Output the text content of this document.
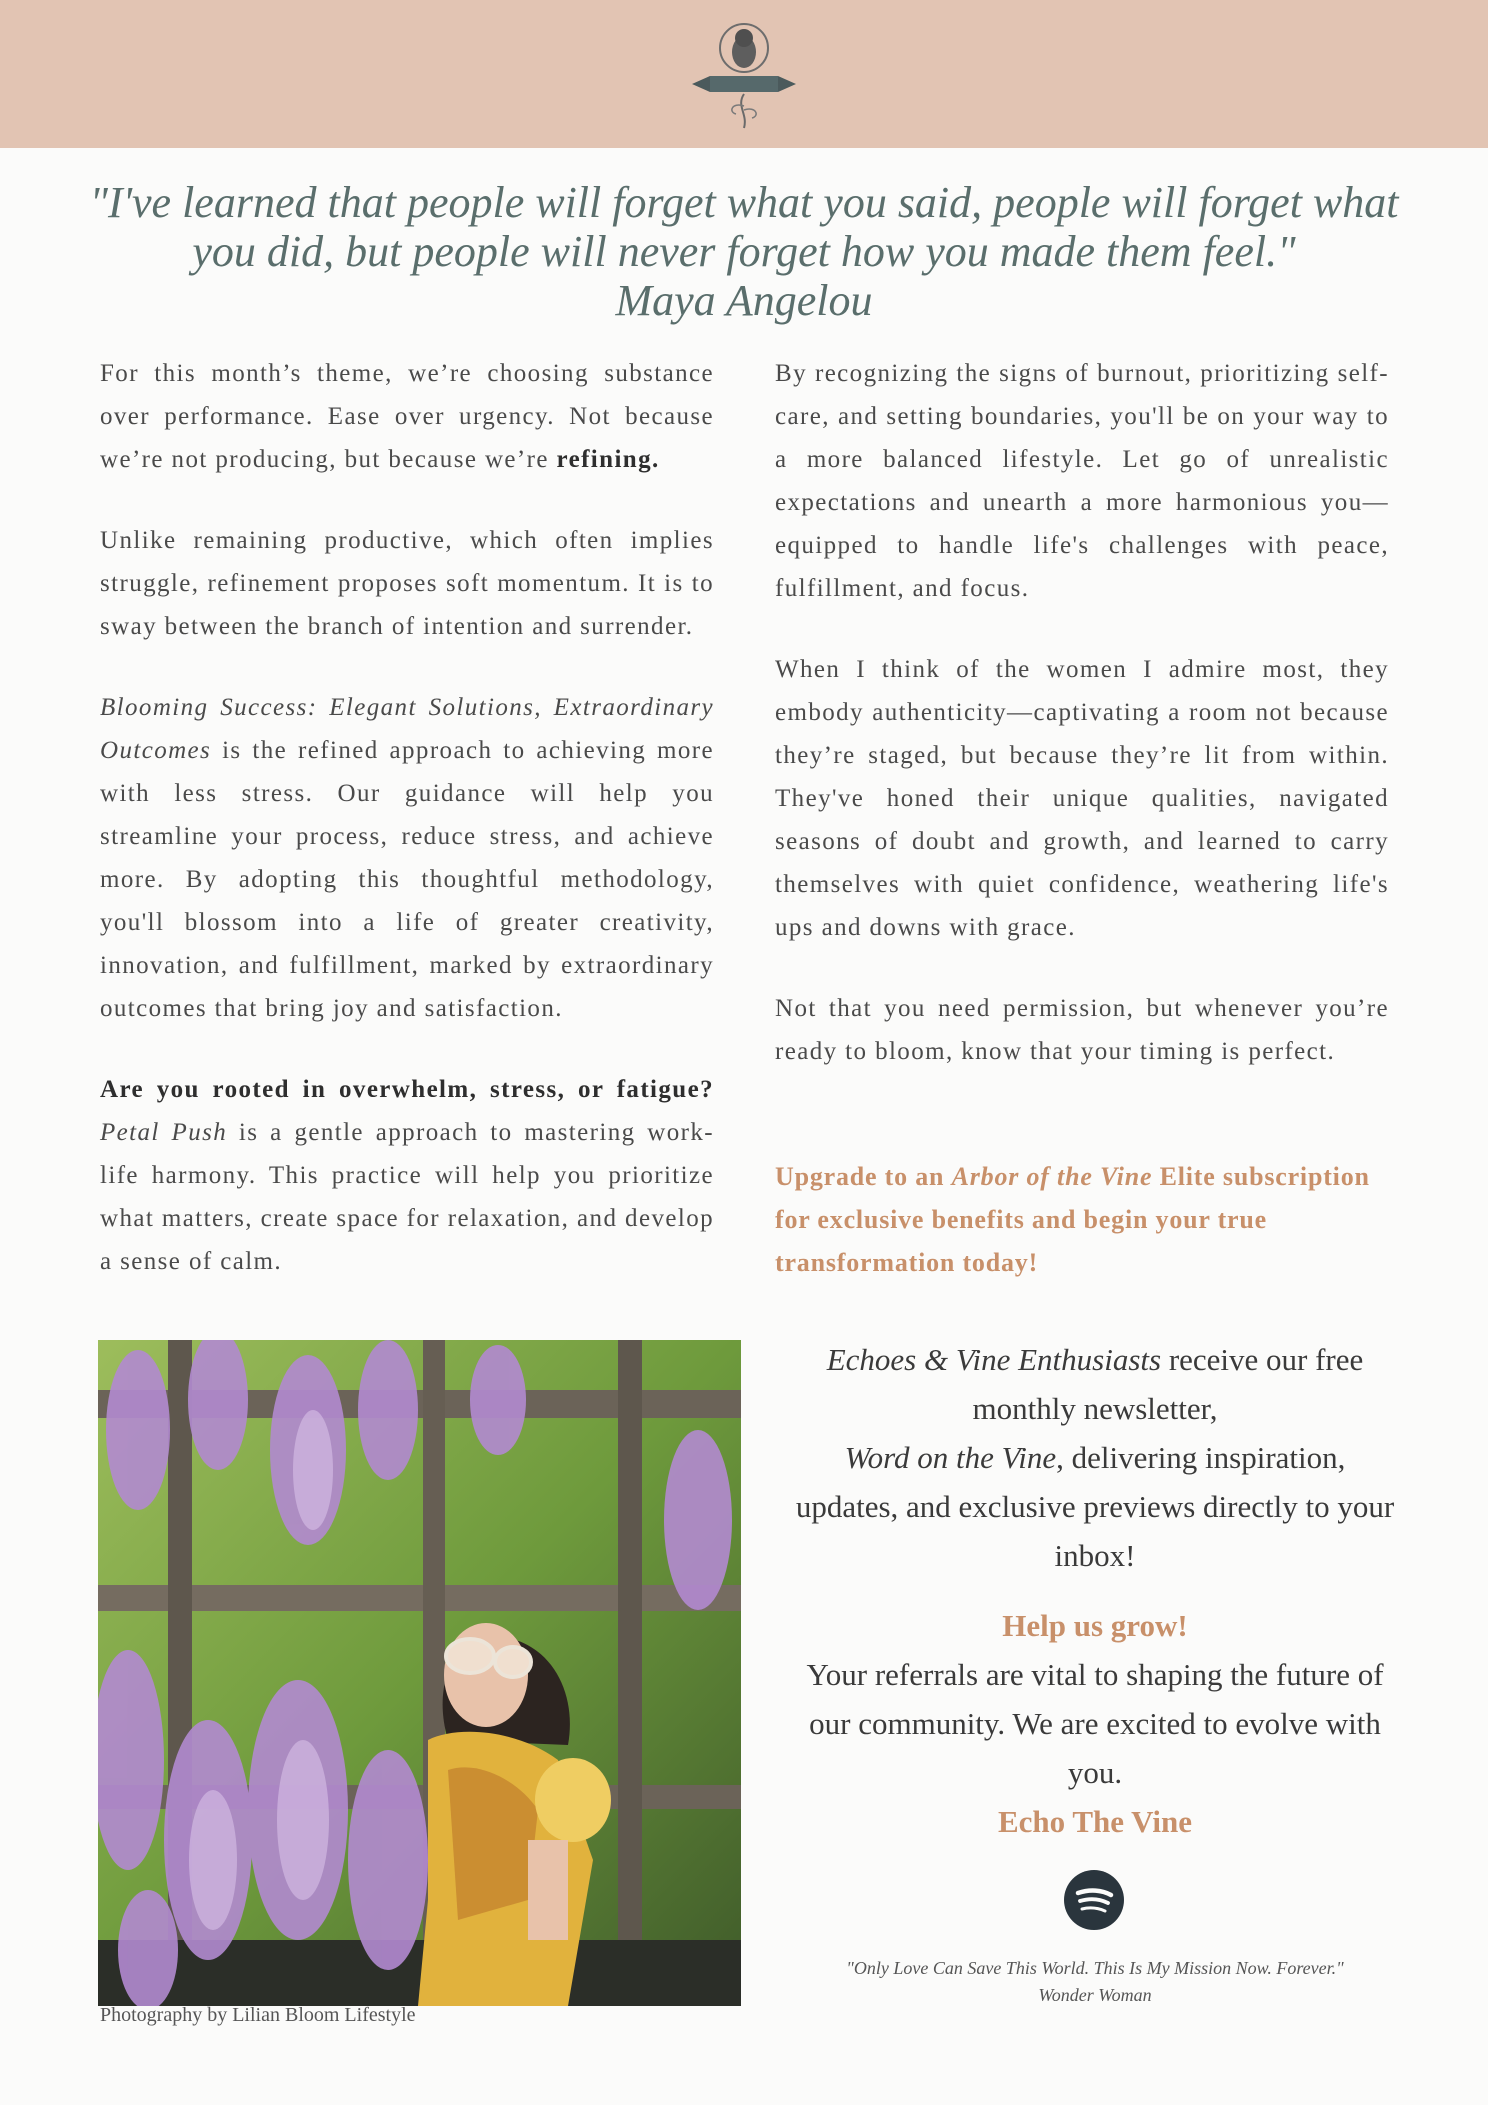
"I've learned that people will forget what you said, people will forget what you did, but people will never forget how you made them feel."
Maya Angelou

For this month’s theme, we’re choosing substance over performance. Ease over urgency. Not because we’re not producing, but because we’re refining.

Unlike remaining productive, which often implies struggle, refinement proposes soft momentum. It is to sway between the branch of intention and surrender.

Blooming Success: Elegant Solutions, Extraordinary Outcomes is the refined approach to achieving more with less stress. Our guidance will help you streamline your process, reduce stress, and achieve more. By adopting this thoughtful methodology, you'll blossom into a life of greater creativity, innovation, and fulfillment, marked by extraordinary outcomes that bring joy and satisfaction.

Are you rooted in overwhelm, stress, or fatigue? Petal Push is a gentle approach to mastering work-life harmony. This practice will help you prioritize what matters, create space for relaxation, and develop a sense of calm.

By recognizing the signs of burnout, prioritizing self-care, and setting boundaries, you'll be on your way to a more balanced lifestyle. Let go of unrealistic expectations and unearth a more harmonious you—equipped to handle life's challenges with peace, fulfillment, and focus.

When I think of the women I admire most, they embody authenticity—captivating a room not because they’re staged, but because they’re lit from within. They've honed their unique qualities, navigated seasons of doubt and growth, and learned to carry themselves with quiet confidence, weathering life's ups and downs with grace.

Not that you need permission, but whenever you’re ready to bloom, know that your timing is perfect.

Upgrade to an Arbor of the Vine Elite subscription for exclusive benefits and begin your true transformation today!
Photography by Lilian Bloom Lifestyle
Echoes & Vine Enthusiasts receive our free monthly newsletter,
Word on the Vine, delivering inspiration, updates, and exclusive previews directly to your inbox!
Help us grow!
Your referrals are vital to shaping the future of our community. We are excited to evolve with you.
Echo The Vine
"Only Love Can Save This World. This Is My Mission Now. Forever."
Wonder Woman
